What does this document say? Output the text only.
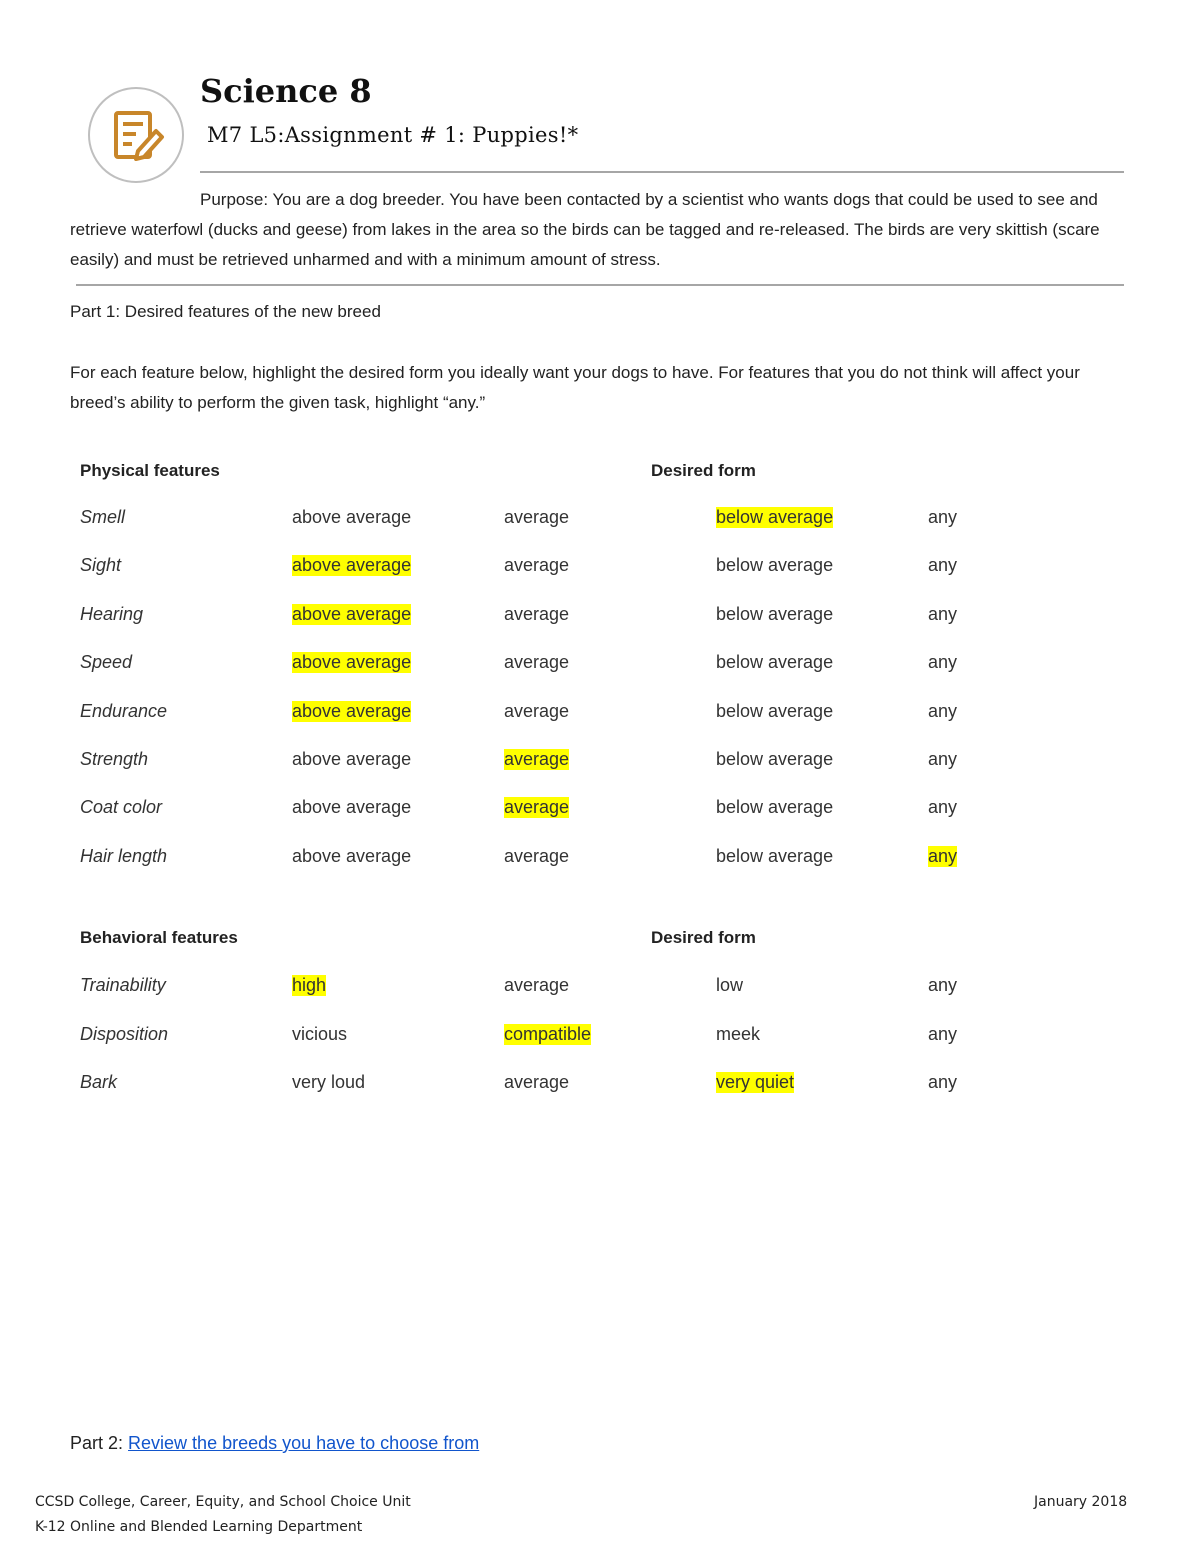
Science 8
M7 L5:Assignment # 1: Puppies!*
Purpose: You are a dog breeder. You have been contacted by a scientist who wants dogs that could be used to see and retrieve waterfowl (ducks and geese) from lakes in the area so the birds can be tagged and re-released. The birds are very skittish (scare easily) and must be retrieved unharmed and with a minimum amount of stress.
Part 1: Desired features of the new breed
For each feature below, highlight the desired form you ideally want your dogs to have. For features that you do not think will affect your breed’s ability to perform the given task, highlight “any.”
Physical features	Desired form
Smell	above average	average	below average	any
Sight	above average	average	below average	any
Hearing	above average	average	below average	any
Speed	above average	average	below average	any
Endurance	above average	average	below average	any
Strength	above average	average	below average	any
Coat color	above average	average	below average	any
Hair length	above average	average	below average	any
Behavioral features	Desired form
Trainability	high	average	low	any
Disposition	vicious	compatible	meek	any
Bark	very loud	average	very quiet	any
Part 2: Review the breeds you have to choose from
CCSD College, Career, Equity, and School Choice Unit
K-12 Online and Blended Learning Department
January 2018
